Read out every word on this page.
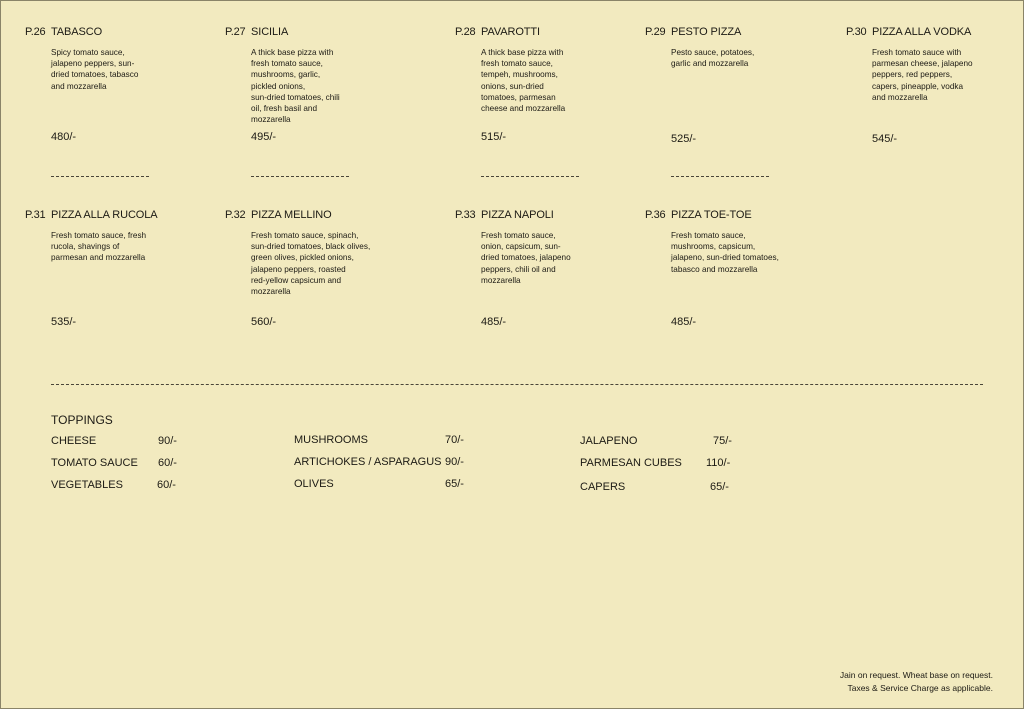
P.26 TABASCO
Spicy tomato sauce,
jalapeno peppers, sun-
dried tomatoes, tabasco
and mozzarella
480/-
P.27 SICILIA
A thick base pizza with
fresh tomato sauce,
mushrooms, garlic,
pickled onions,
sun-dried tomatoes, chili
oil, fresh basil and
mozzarella
495/-
P.28 PAVAROTTI
A thick base pizza with
fresh tomato sauce,
tempeh, mushrooms,
onions, sun-dried
tomatoes, parmesan
cheese and mozzarella
515/-
P.29 PESTO PIZZA
Pesto sauce, potatoes,
garlic and mozzarella
525/-
P.30 PIZZA ALLA VODKA
Fresh tomato sauce with
parmesan cheese, jalapeno
peppers, red peppers,
capers, pineapple, vodka
and mozzarella
545/-
P.31 PIZZA ALLA RUCOLA
Fresh tomato sauce, fresh
rucola, shavings of
parmesan and mozzarella
535/-
P.32 PIZZA MELLINO
Fresh tomato sauce, spinach,
sun-dried tomatoes, black olives,
green olives, pickled onions,
jalapeno peppers, roasted
red-yellow capsicum and
mozzarella
560/-
P.33 PIZZA NAPOLI
Fresh tomato sauce,
onion, capsicum, sun-
dried tomatoes, jalapeno
peppers, chili oil and
mozzarella
485/-
P.36 PIZZA TOE-TOE
Fresh tomato sauce,
mushrooms, capsicum,
jalapeno, sun-dried tomatoes,
tabasco and mozzarella
485/-
TOPPINGS
CHEESE	90/-
TOMATO SAUCE 60/-
VEGETABLES	60/-
MUSHROOMS	70/-
ARTICHOKES / ASPARAGUS 90/-
OLIVES	65/-
JALAPENO	75/-
PARMESAN CUBES 110/-
CAPERS	65/-
Jain on request. Wheat base on request.
Taxes & Service Charge as applicable.
